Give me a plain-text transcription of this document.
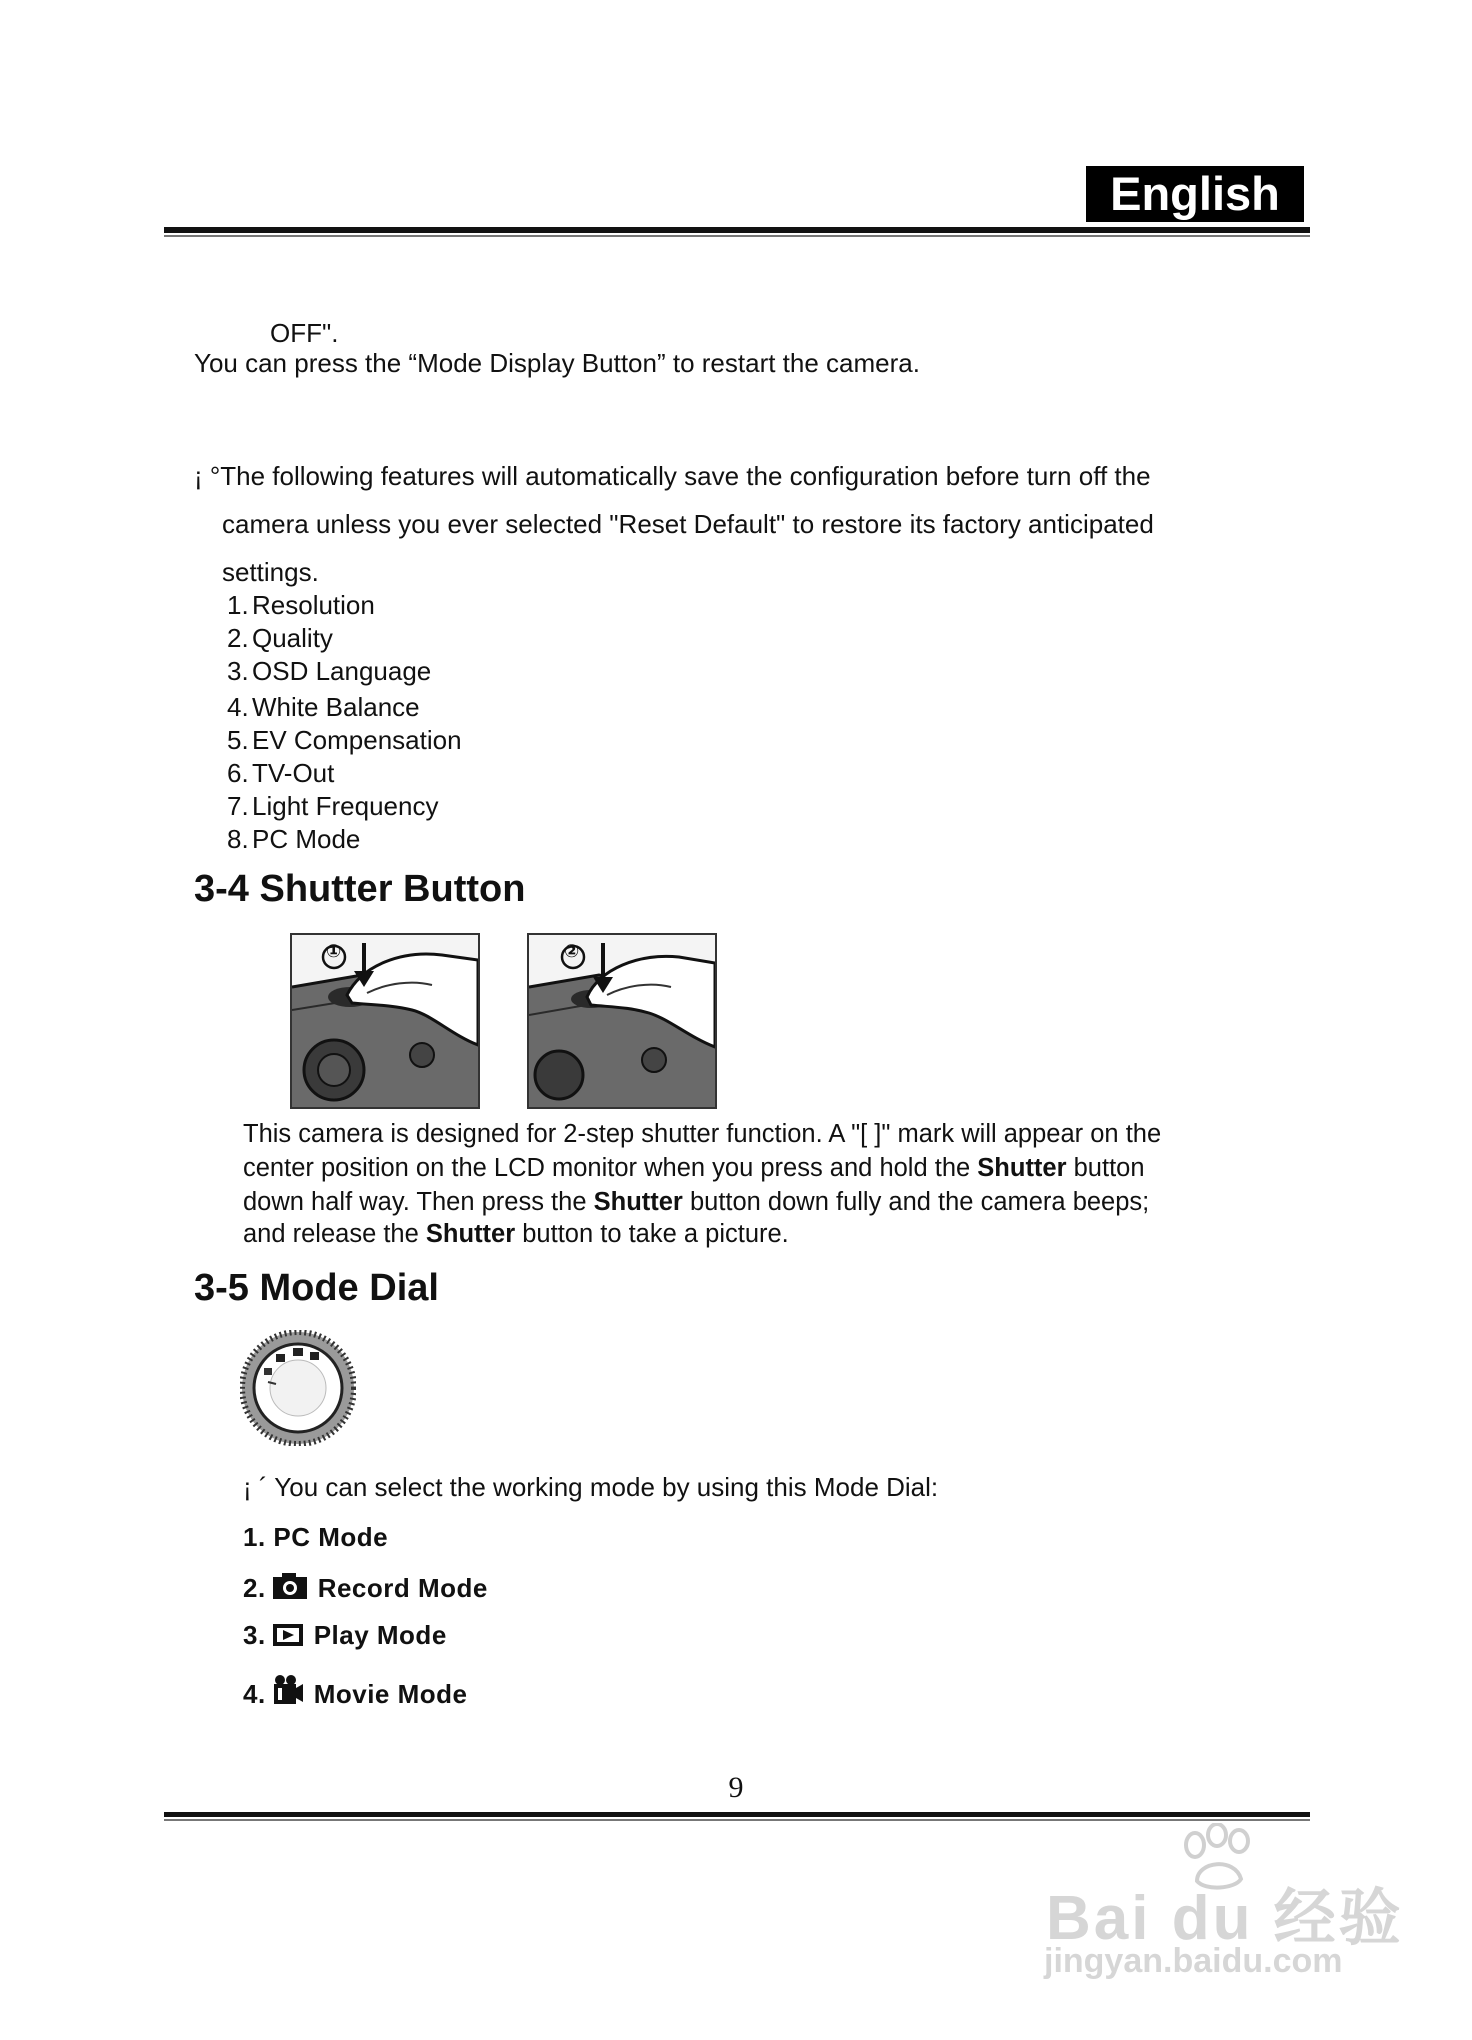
English
OFF".
You can press the “Mode Display Button” to restart the camera.
¡ °The following features will automatically save the configuration before turn off the
camera unless you ever selected "Reset Default" to restore its factory anticipated
settings.
1. Resolution
2. Quality
3. OSD Language
4. White Balance
5. EV Compensation
6. TV-Out
7. Light Frequency
8. PC Mode
3-4 Shutter Button
①	②
This camera is designed for 2-step shutter function. A "[ ]" mark will appear on the
center position on the LCD monitor when you press and hold the Shutter button
down half way. Then press the Shutter button down fully and the camera beeps;
and release the Shutter button to take a picture.
3-5 Mode Dial
¡ ´ You can select the working mode by using this Mode Dial:
1. PC Mode
2. Record Mode
3. Play Mode
4. Movie Mode
9
Bai du 经验
jingyan.baidu.com
